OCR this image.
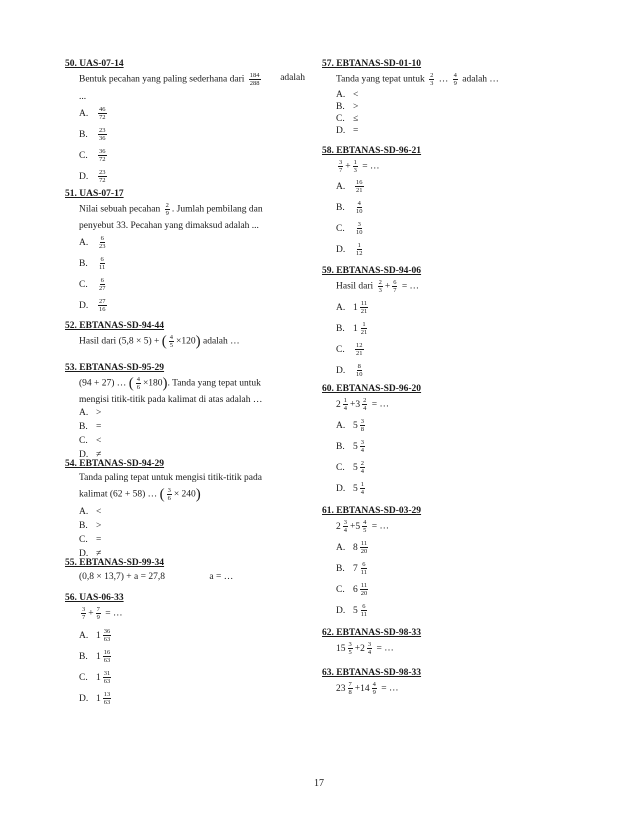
50. UAS-07-14
Bentuk pecahan yang paling sederhana dari $\frac{184}{288}$ adalah
...
A.	$\frac{46}{72}$
B.	$\frac{23}{36}$
C.	$\frac{36}{72}$
D.	$\frac{23}{72}$
51. UAS-07-17
Nilai sebuah pecahan $\frac{2}{9}$ . Jumlah pembilang dan
penyebut 33. Pecahan yang dimaksud adalah ...
A.	$\frac{6}{23}$
B.	$\frac{6}{11}$
C.	$\frac{6}{27}$
D.	$\frac{27}{16}$
52. EBTANAS-SD-94-44
Hasil dari (5,8 × 5) + ( $\frac{4}{5} \times 120$) adalah …
53. EBTANAS-SD-95-29
(94 + 27) … ( $\frac{4}{6} \times 180$). Tanda yang tepat untuk
mengisi titik-titik pada kalimat di atas adalah …
A. >
B. =
C. <
D. ≠
54. EBTANAS-SD-94-29
Tanda paling tepat untuk mengisi titik-titik pada
kalimat (62 + 58) … ( $\frac{3}{6} \times 240$)
A. <
B. >
C. =
D. ≠
55. EBTANAS-SD-99-34
(0,8 × 13,7) + a = 27,8	a = …
56. UAS-06-33
$\frac{3}{7} + \frac{7}{9}$ = …
A. $1 \frac{36}{63}$
B. $1 \frac{16}{63}$
C. $1 \frac{31}{63}$
D. $1 \frac{13}{63}$
57. EBTANAS-SD-01-10
Tanda yang tepat untuk $\frac{2}{3}$ … $\frac{4}{9}$ adalah …
A. <
B. >
C. ≤
D. =
58. EBTANAS-SD-96-21
$\frac{3}{7} + \frac{1}{3}$ = …
A.	$\frac{16}{21}$
B.	$\frac{4}{10}$
C.	$\frac{3}{10}$
D.	$\frac{1}{12}$
59. EBTANAS-SD-94-06
Hasil dari $\frac{2}{3} + \frac{6}{7}$ = …
A. $1 \frac{11}{21}$
B. $1 \frac{1}{21}$
C.	$\frac{12}{21}$
D.	$\frac{8}{10}$
60. EBTANAS-SD-96-20
$2 \frac{1}{4} + 3 \frac{2}{4}$ = …
A. $5 \frac{3}{8}$
B. $5 \frac{3}{4}$
C. $5 \frac{2}{4}$
D. $5 \frac{1}{4}$
61. EBTANAS-SD-03-29
$2 \frac{3}{4} + 5 \frac{4}{5}$ = …
A. $8 \frac{11}{20}$
B. $7 \frac{6}{11}$
C. $6 \frac{11}{20}$
D. $5 \frac{6}{11}$
62. EBTANAS-SD-98-33
$15 \frac{3}{5} + 2 \frac{3}{4}$ = …
63. EBTANAS-SD-98-33
$23 \frac{7}{8} + 14 \frac{4}{9}$ = …
17
